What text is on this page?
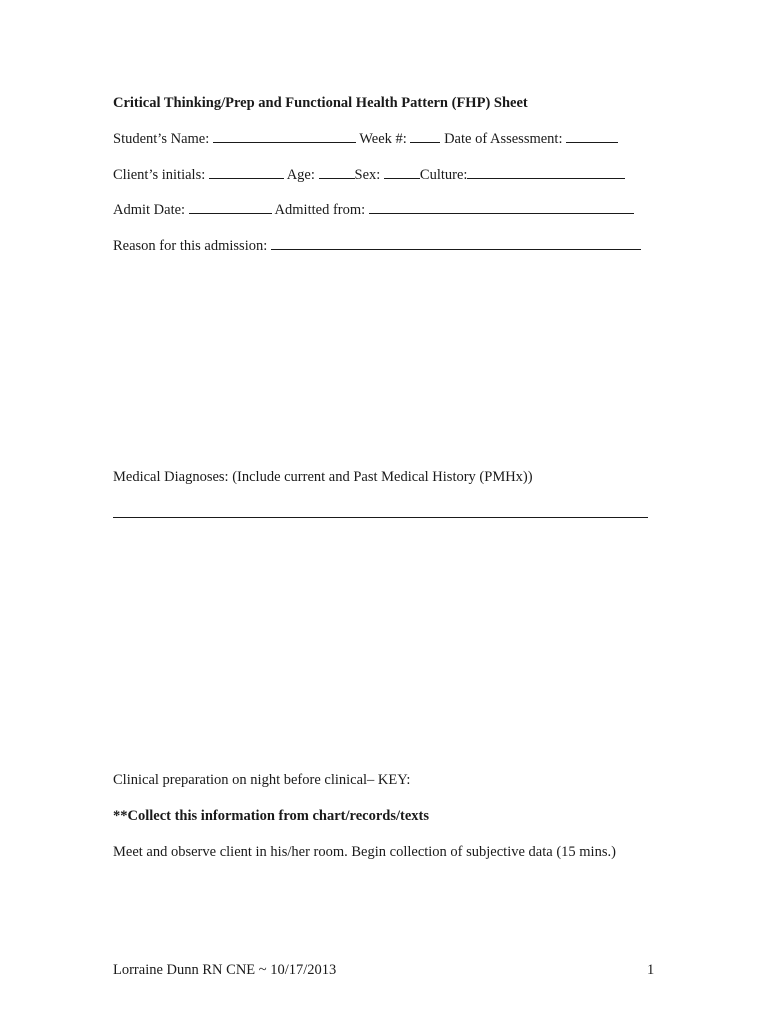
Critical Thinking/Prep and Functional Health Pattern (FHP) Sheet
Student’s Name:	Week #:	Date of Assessment:
Client’s initials:	Age:	Sex:	Culture:
Admit Date:	Admitted from:
Reason for this admission:
Medical Diagnoses: (Include current and Past Medical History (PMHx))
Clinical preparation on night before clinical– KEY:
**Collect this information from chart/records/texts
Meet and observe client in his/her room. Begin collection of subjective data (15 mins.)
Lorraine Dunn RN CNE ~ 10/17/2013	1
